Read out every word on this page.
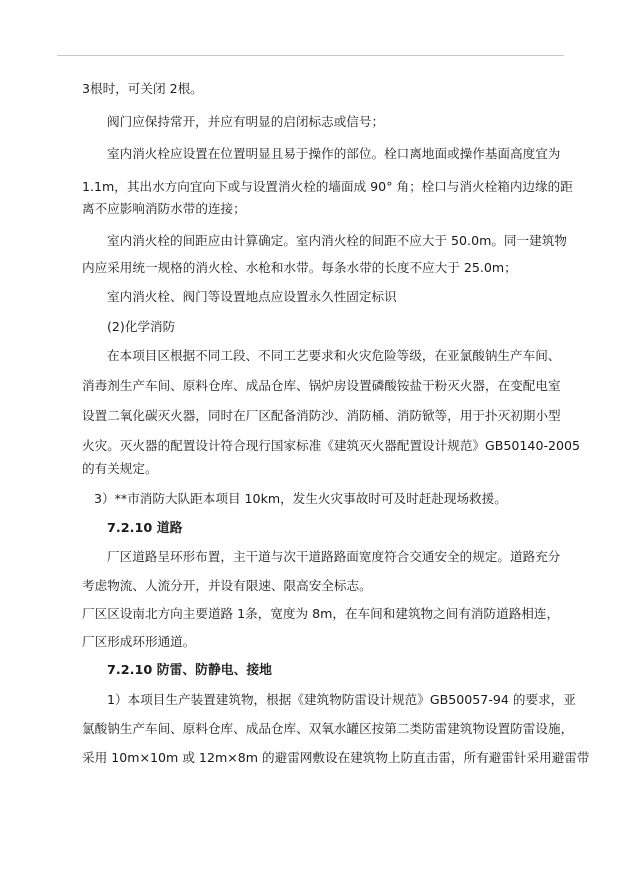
3根时，可关闭 2根。
阀门应保持常开，并应有明显的启闭标志或信号；
室内消火栓应设置在位置明显且易于操作的部位。栓口离地面或操作基面高度宜为
1.1m，其出水方向宜向下或与设置消火栓的墙面成 90° 角；栓口与消火栓箱内边缘的距
离不应影响消防水带的连接；
室内消火栓的间距应由计算确定。室内消火栓的间距不应大于 50.0m。同一建筑物
内应采用统一规格的消火栓、水枪和水带。每条水带的长度不应大于 25.0m；
室内消火栓、阀门等设置地点应设置永久性固定标识
(2)化学消防
在本项目区根据不同工段、不同工艺要求和火灾危险等级，在亚氯酸钠生产车间、
消毒剂生产车间、原料仓库、成品仓库、锅炉房设置磷酸铵盐干粉灭火器，在变配电室
设置二氧化碳灭火器，同时在厂区配备消防沙、消防桶、消防锨等，用于扑灭初期小型
火灾。灭火器的配置设计符合现行国家标准《建筑灭火器配置设计规范》GB50140-2005
的有关规定。
3）**市消防大队距本项目 10km，发生火灾事故时可及时赶赴现场救援。
7.2.10 道路
厂区道路呈环形布置，主干道与次干道路路面宽度符合交通安全的规定。道路充分
考虑物流、人流分开，并设有限速、限高安全标志。
厂区区设南北方向主要道路 1条，宽度为 8m，在车间和建筑物之间有消防道路相连，
厂区形成环形通道。
7.2.10 防雷、防静电、接地
1）本项目生产装置建筑物，根据《建筑物防雷设计规范》GB50057-94 的要求，亚
氯酸钠生产车间、原料仓库、成品仓库、双氧水罐区按第二类防雷建筑物设置防雷设施，
采用 10m×10m 或 12m×8m 的避雷网敷设在建筑物上防直击雷，所有避雷针采用避雷带
